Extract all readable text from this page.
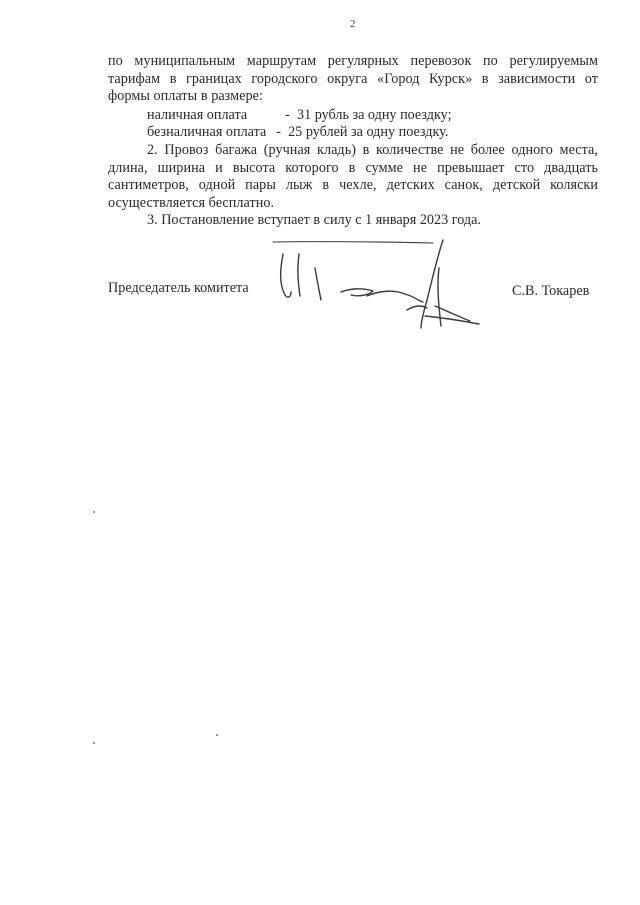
2
по муниципальным маршрутам регулярных перевозок по регулируемым
тарифам в границах городского округа «Город Курск» в зависимости от
формы оплаты в размере:
наличная оплата	-  31 рубль за одну поездку;
безналичная оплата -  25 рублей за одну поездку.
2. Провоз багажа (ручная кладь) в количестве не более одного места,
длина, ширина и высота которого в сумме не превышает сто двадцать
сантиметров, одной пары лыж в чехле, детских санок, детской коляски
осуществляется бесплатно.
3. Постановление вступает в силу с 1 января 2023 года.
Председатель комитета	С.В. Токарев
